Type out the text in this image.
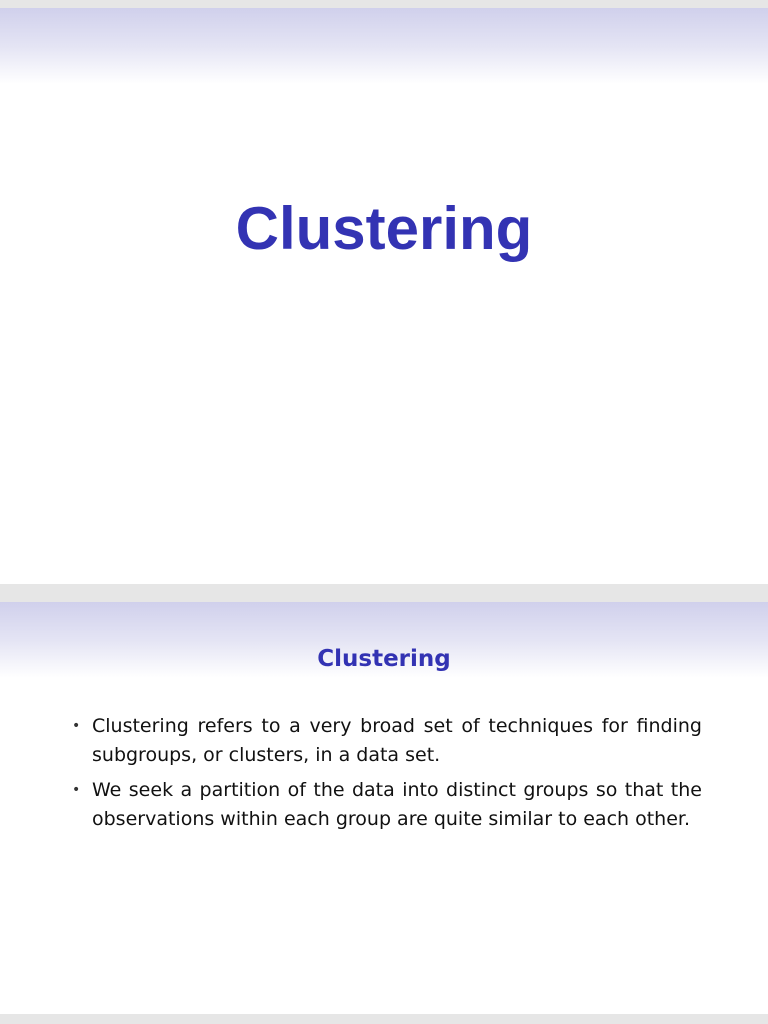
Clustering
Clustering
• Clustering refers to a very broad set of techniques for finding subgroups, or clusters, in a data set.
• We seek a partition of the data into distinct groups so that the observations within each group are quite similar to each other.
